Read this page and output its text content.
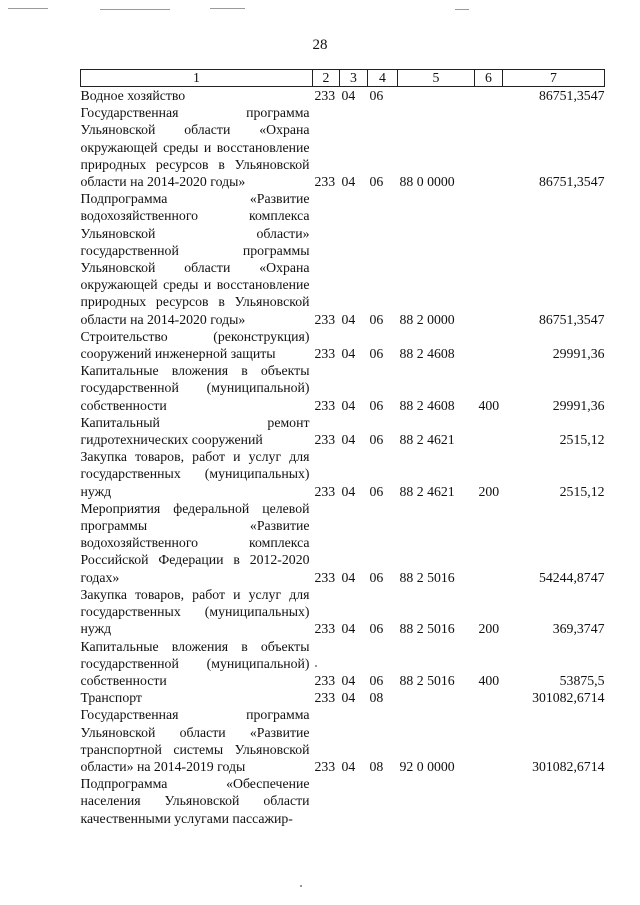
28
1	2	3	4	5	6	7
Водное хозяйство	233	04	06			86751,3547
Государственная программа Ульяновской области «Охрана окружающей среды и восстановление природных ресурсов в Ульяновской области на 2014-2020 годы»	233	04	06	88 0 0000		86751,3547
Подпрограмма «Развитие водохозяйственного комплекса Ульяновской области» государственной программы Ульяновской области «Охрана окружающей среды и восстановление природных ресурсов в Ульяновской области на 2014-2020 годы»	233	04	06	88 2 0000		86751,3547
Строительство (реконструкция) сооружений инженерной защиты	233	04	06	88 2 4608		29991,36
Капитальные вложения в объекты государственной (муниципальной) собственности	233	04	06	88 2 4608	400	29991,36
Капитальный ремонт гидротехнических сооружений	233	04	06	88 2 4621		2515,12
Закупка товаров, работ и услуг для государственных (муниципальных) нужд	233	04	06	88 2 4621	200	2515,12
Мероприятия федеральной целевой программы «Развитие водохозяйственного комплекса Российской Федерации в 2012-2020 годах»	233	04	06	88 2 5016		54244,8747
Закупка товаров, работ и услуг для государственных (муниципальных) нужд	233	04	06	88 2 5016	200	369,3747
Капитальные вложения в объекты государственной (муниципальной) собственности	233	04	06	88 2 5016	400	53875,5
Транспорт	233	04	08			301082,6714
Государственная программа Ульяновской области «Развитие транспортной системы Ульяновской области» на 2014-2019 годы	233	04	08	92 0 0000		301082,6714
Подпрограмма «Обеспечение населения Ульяновской области качественными услугами пассажир-						
